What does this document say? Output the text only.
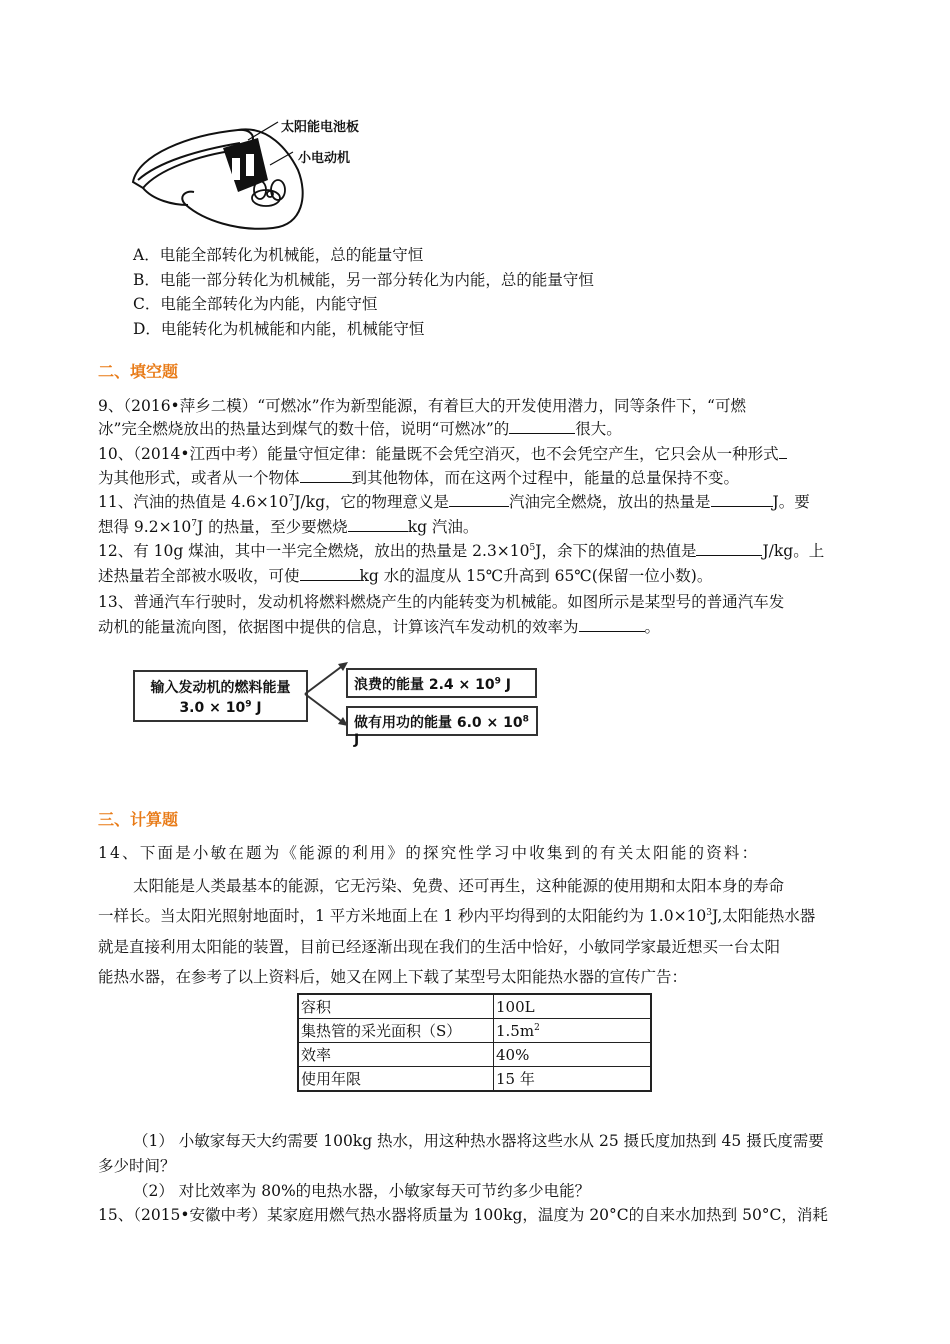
太阳能电池板
小电动机
A．电能全部转化为机械能，总的能量守恒
B．电能一部分转化为机械能，另一部分转化为内能，总的能量守恒
C．电能全部转化为内能，内能守恒
D．电能转化为机械能和内能，机械能守恒
二、填空题
9、（2016•萍乡二模）“可燃冰”作为新型能源，有着巨大的开发使用潜力，同等条件下，“可燃
冰”完全燃烧放出的热量达到煤气的数十倍，说明“可燃冰”的	很大。
10、（2014•江西中考）能量守恒定律：能量既不会凭空消灭，也不会凭空产生，它只会从一种形式
为其他形式，或者从一个物体	到其他物体，而在这两个过程中，能量的总量保持不变。
11、汽油的热值是 $4.6\times 10^7J/kg$，它的物理意义是	汽油完全燃烧，放出的热量是	J。要
想得 $9.2\times 10^7J$ 的热量，至少要燃烧	kg 汽油。
12、有 10g 煤油，其中一半完全燃烧，放出的热量是 $2.3\times 10^5J$，余下的煤油的热值是	J/kg。上
述热量若全部被水吸收，可使	kg 水的温度从 15℃升高到 65℃(保留一位小数)。
13、普通汽车行驶时，发动机将燃料燃烧产生的内能转变为机械能。如图所示是某型号的普通汽车发
动机的能量流向图，依据图中提供的信息，计算该汽车发动机的效率为	。
输入发动机的燃料能量
$3.0 \times 10^9$ J
浪费的能量 $2.4 \times 10^9$ J
做有用功的能量 $6.0 \times 10^8$ J
三、计算题
14、下面是小敏在题为《能源的利用》的探究性学习中收集到的有关太阳能的资料：
太阳能是人类最基本的能源，它无污染、免费、还可再生，这种能源的使用期和太阳本身的寿命
一样长。当太阳光照射地面时，1 平方米地面上在 1 秒内平均得到的太阳能约为 $1.0\times 10^3J$,太阳能热水器
就是直接利用太阳能的装置，目前已经逐渐出现在我们的生活中恰好，小敏同学家最近想买一台太阳
能热水器，在参考了以上资料后，她又在网上下载了某型号太阳能热水器的宣传广告：
容积	100L
集热管的采光面积（S）	$1.5m^2$
效率	40%
使用年限	15 年
（1） 小敏家每天大约需要 100kg 热水，用这种热水器将这些水从 25 摄氏度加热到 45 摄氏度需要
多少时间？
（2） 对比效率为 80%的电热水器，小敏家每天可节约多少电能？
15、（2015•安徽中考）某家庭用燃气热水器将质量为 100kg，温度为 20°C的自来水加热到 50°C，消耗
